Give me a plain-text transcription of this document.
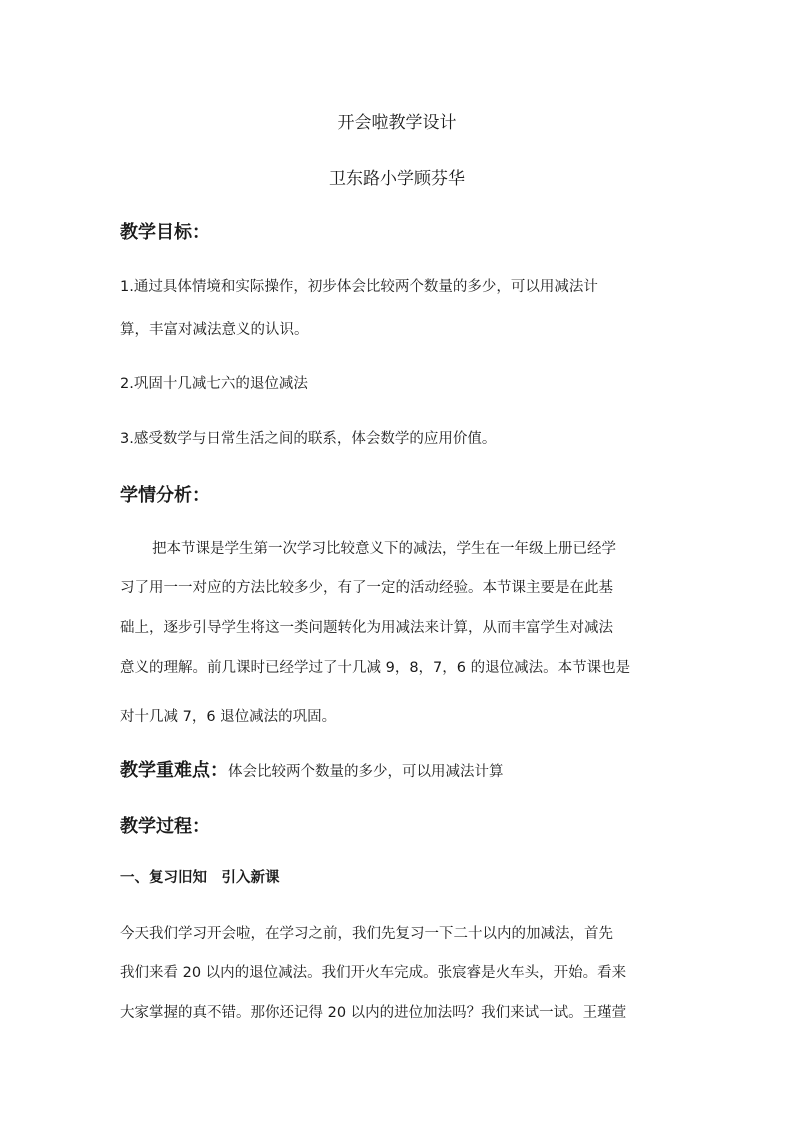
开会啦教学设计
卫东路小学顾芬华
教学目标：
1.通过具体情境和实际操作，初步体会比较两个数量的多少，可以用减法计
算，丰富对减法意义的认识。
2.巩固十几减七六的退位减法
3.感受数学与日常生活之间的联系，体会数学的应用价值。
学情分析：
把本节课是学生第一次学习比较意义下的减法，学生在一年级上册已经学
习了用一一对应的方法比较多少，有了一定的活动经验。本节课主要是在此基
础上，逐步引导学生将这一类问题转化为用减法来计算，从而丰富学生对减法
意义的理解。前几课时已经学过了十几减 9，8，7，6 的退位减法。本节课也是
对十几减 7，6 退位减法的巩固。
教学重难点：体会比较两个数量的多少，可以用减法计算
教学过程：
一、复习旧知　引入新课
今天我们学习开会啦，在学习之前，我们先复习一下二十以内的加减法，首先
我们来看 20 以内的退位减法。我们开火车完成。张宸睿是火车头，开始。看来
大家掌握的真不错。那你还记得 20 以内的进位加法吗？我们来试一试。王瑾萱
